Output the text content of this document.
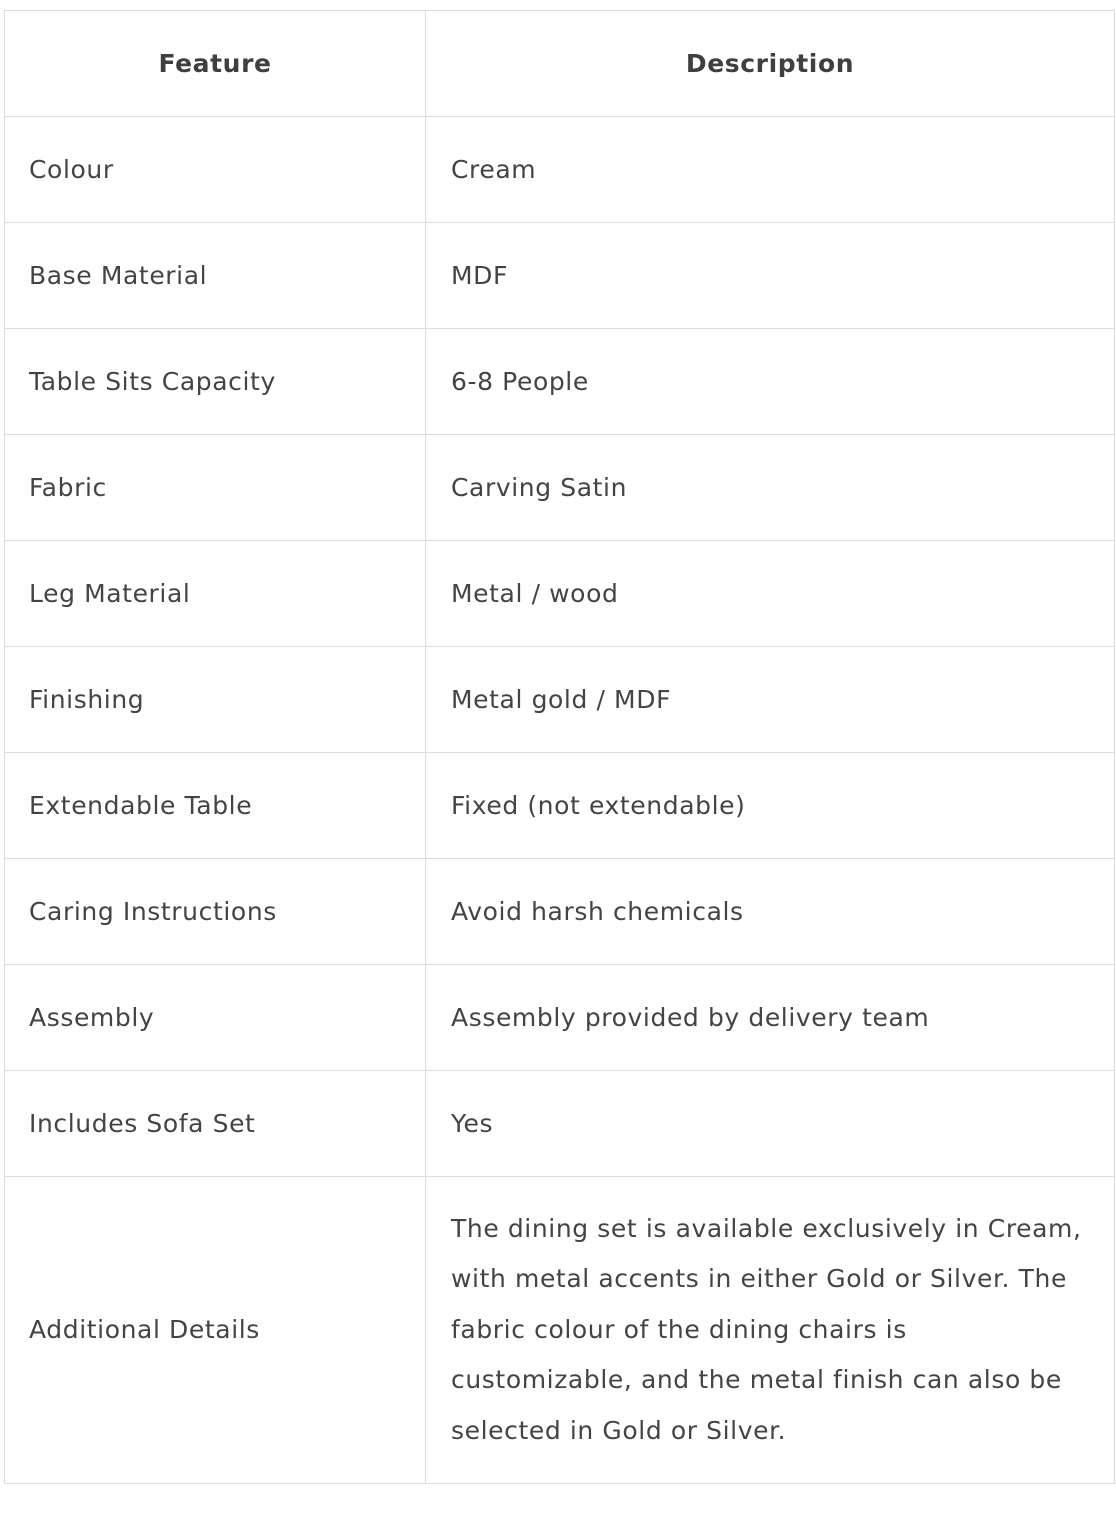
Feature	Description
Colour	Cream
Base Material	MDF
Table Sits Capacity	6-8 People
Fabric	Carving Satin
Leg Material	Metal / wood
Finishing	Metal gold / MDF
Extendable Table	Fixed (not extendable)
Caring Instructions	Avoid harsh chemicals
Assembly	Assembly provided by delivery team
Includes Sofa Set	Yes
Additional Details	The dining set is available exclusively in Cream, with metal accents in either Gold or Silver. The fabric colour of the dining chairs is customizable, and the metal finish can also be selected in Gold or Silver.
